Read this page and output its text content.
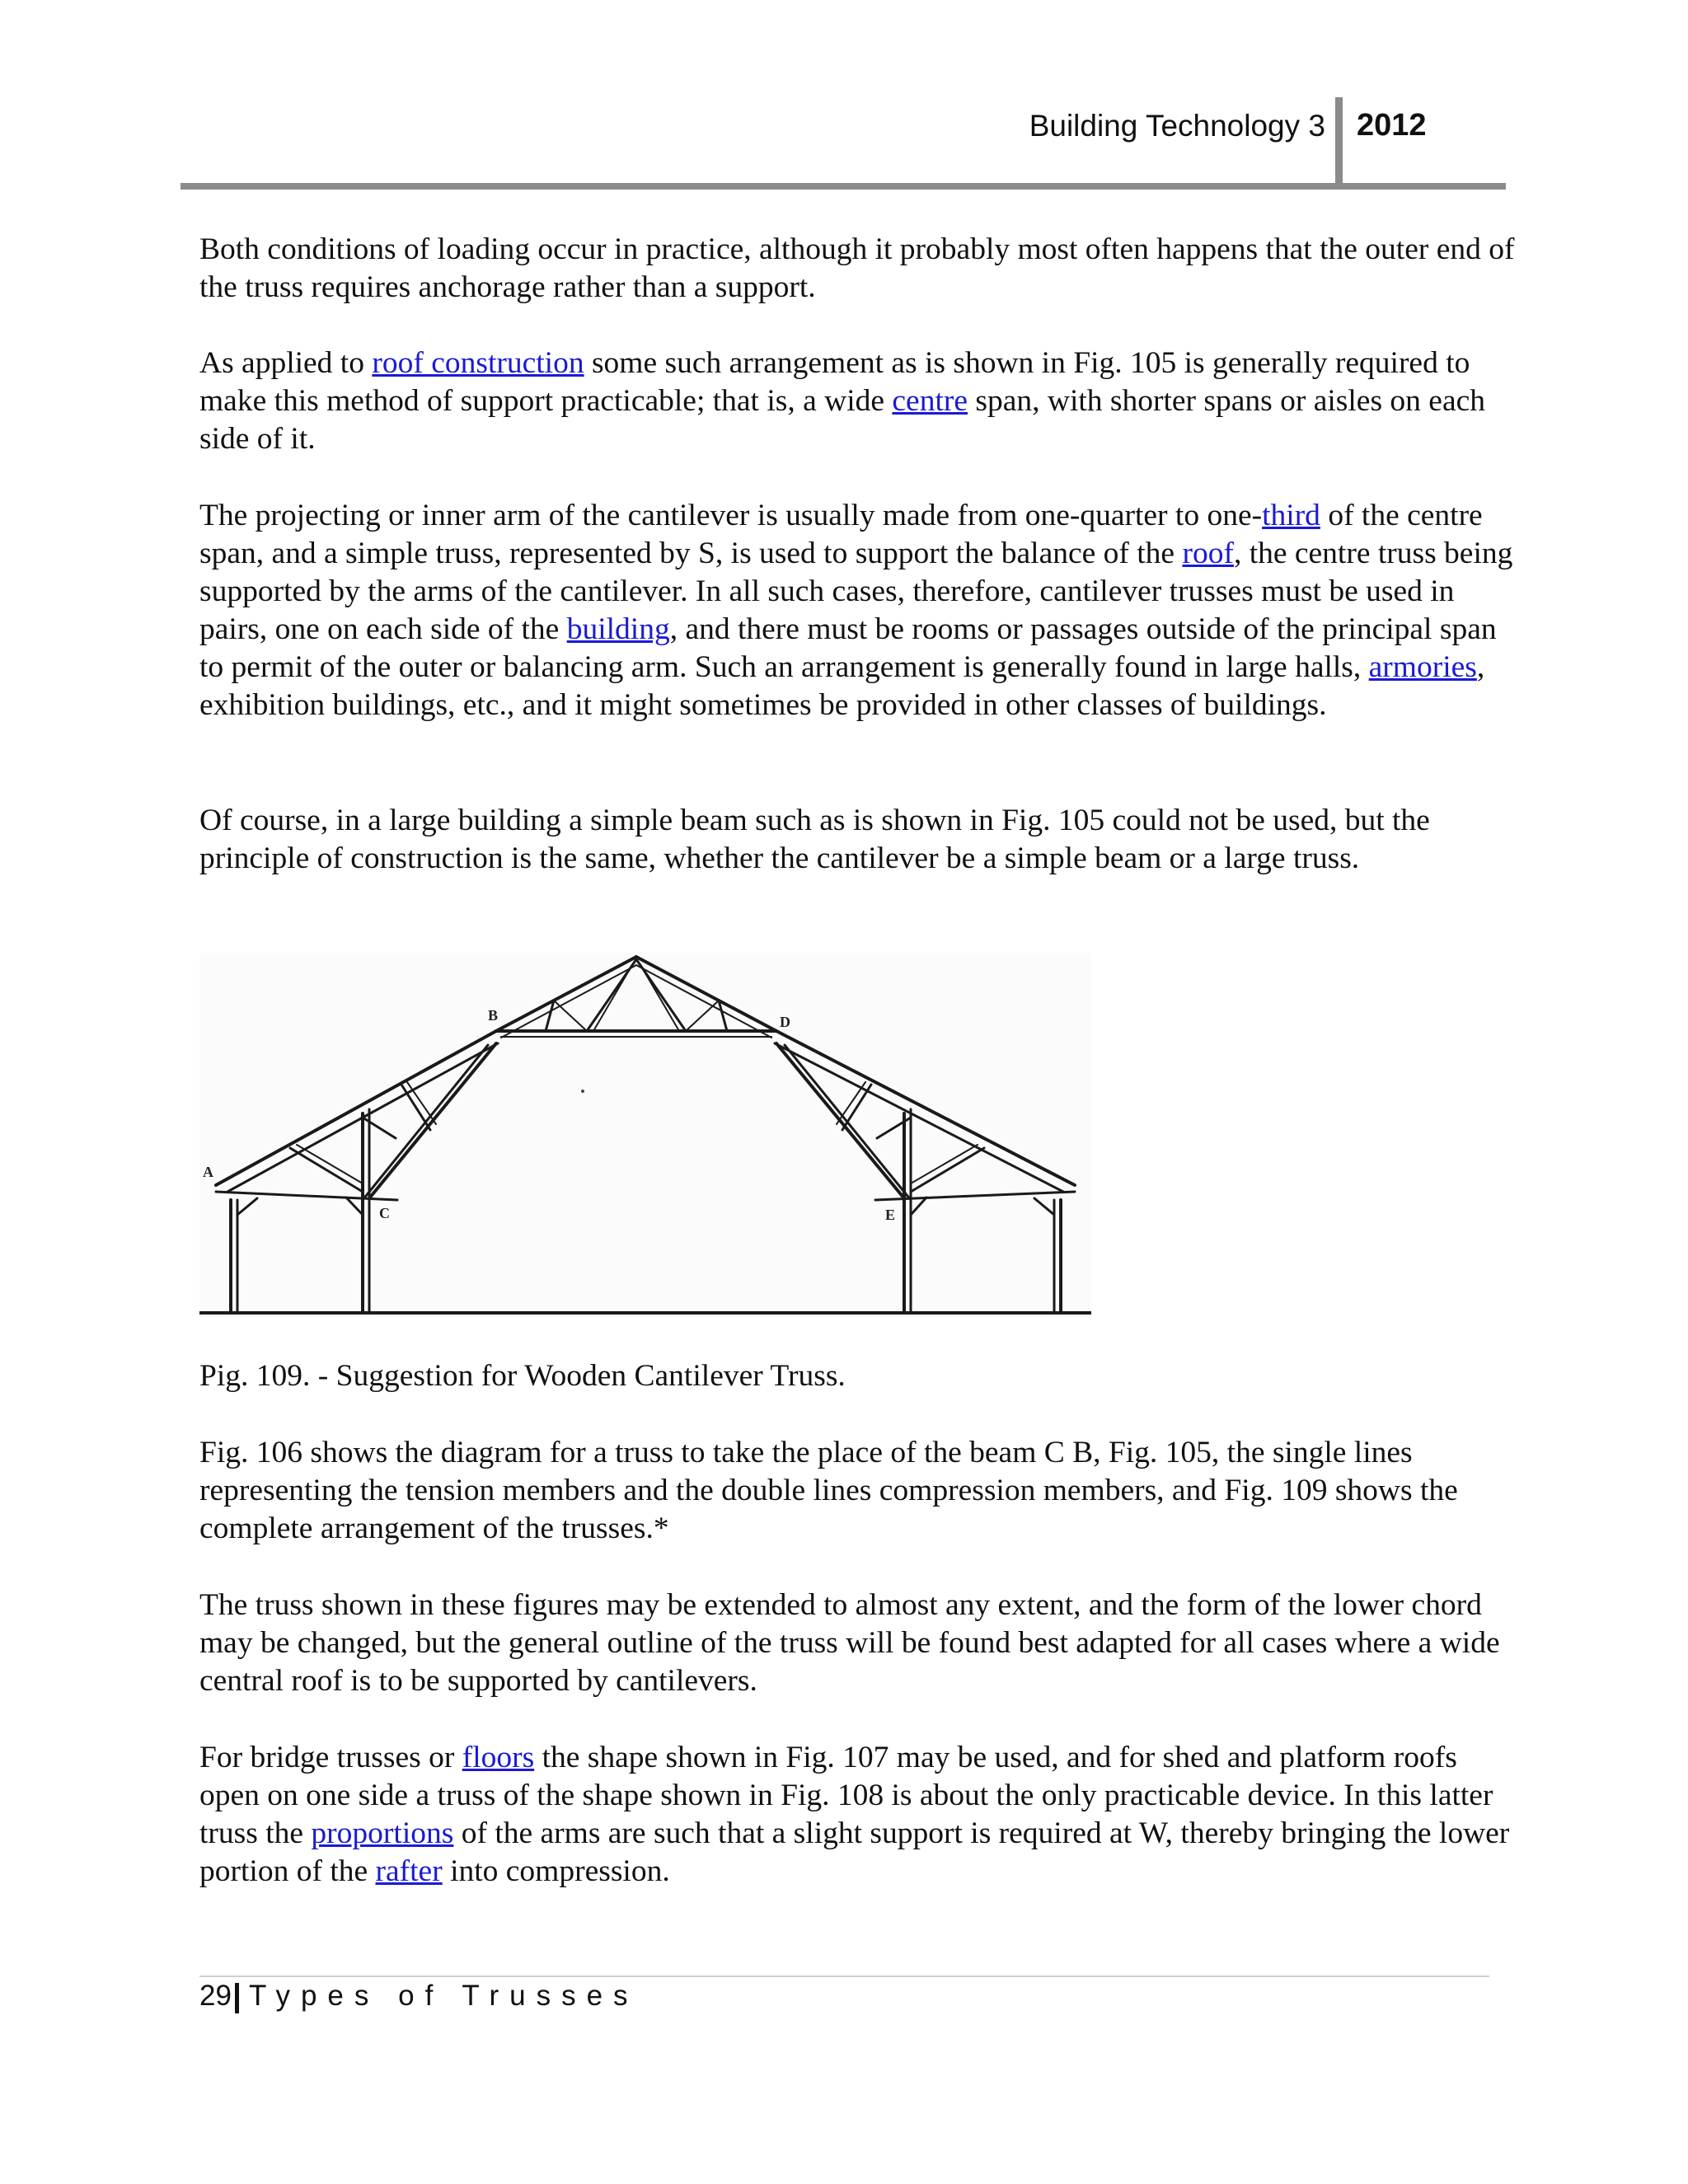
Building Technology 3 2012

Both conditions of loading occur in practice, although it probably most often happens that the outer end of the truss requires anchorage rather than a support.

As applied to roof construction some such arrangement as is shown in Fig. 105 is generally required to make this method of support practicable; that is, a wide centre span, with shorter spans or aisles on each side of it.

The projecting or inner arm of the cantilever is usually made from one-quarter to one-third of the centre span, and a simple truss, represented by S, is used to support the balance of the roof, the centre truss being supported by the arms of the cantilever. In all such cases, therefore, cantilever trusses must be used in pairs, one on each side of the building, and there must be rooms or passages outside of the principal span to permit of the outer or balancing arm. Such an arrangement is generally found in large halls, armories, exhibition buildings, etc., and it might sometimes be provided in other classes of buildings.

Of course, in a large building a simple beam such as is shown in Fig. 105 could not be used, but the principle of construction is the same, whether the cantilever be a simple beam or a large truss.

A
B
C
D
E

Pig. 109. - Suggestion for Wooden Cantilever Truss.

Fig. 106 shows the diagram for a truss to take the place of the beam C B, Fig. 105, the single lines representing the tension members and the double lines compression members, and Fig. 109 shows the complete arrangement of the trusses.*

The truss shown in these figures may be extended to almost any extent, and the form of the lower chord may be changed, but the general outline of the truss will be found best adapted for all cases where a wide central roof is to be supported by cantilevers.

For bridge trusses or floors the shape shown in Fig. 107 may be used, and for shed and platform roofs open on one side a truss of the shape shown in Fig. 108 is about the only practicable device. In this latter truss the proportions of the arms are such that a slight support is required at W, thereby bringing the lower portion of the rafter into compression.

29 Types of Trusses
